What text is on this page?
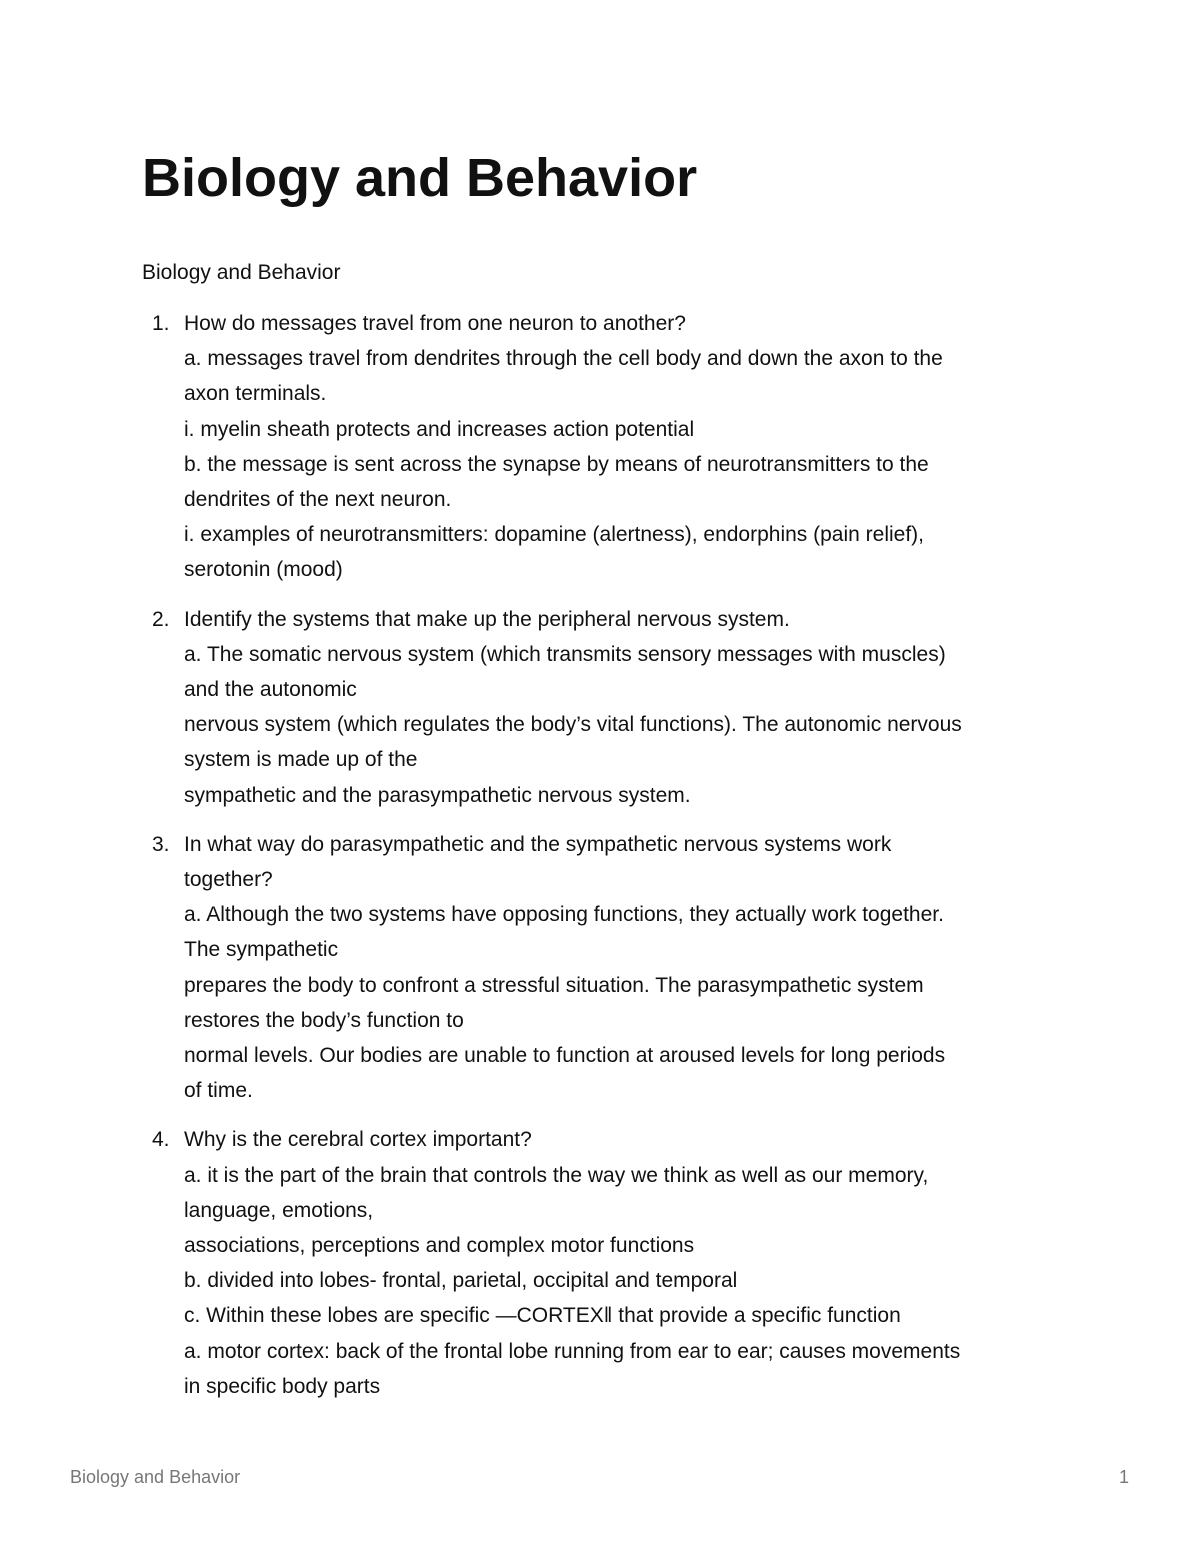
Biology and Behavior

Biology and Behavior

1. How do messages travel from one neuron to another?
a. messages travel from dendrites through the cell body and down the axon to the
axon terminals.
i. myelin sheath protects and increases action potential
b. the message is sent across the synapse by means of neurotransmitters to the
dendrites of the next neuron.
i. examples of neurotransmitters: dopamine (alertness), endorphins (pain relief),
serotonin (mood)
2. Identify the systems that make up the peripheral nervous system.
a. The somatic nervous system (which transmits sensory messages with muscles)
and the autonomic
nervous system (which regulates the body’s vital functions). The autonomic nervous
system is made up of the
sympathetic and the parasympathetic nervous system.
3. In what way do parasympathetic and the sympathetic nervous systems work
together?
a. Although the two systems have opposing functions, they actually work together.
The sympathetic
prepares the body to confront a stressful situation. The parasympathetic system
restores the body’s function to
normal levels. Our bodies are unable to function at aroused levels for long periods
of time.
4. Why is the cerebral cortex important?
a. it is the part of the brain that controls the way we think as well as our memory,
language, emotions,
associations, perceptions and complex motor functions
b. divided into lobes- frontal, parietal, occipital and temporal
c. Within these lobes are specific ―CORTEX‖ that provide a specific function
a. motor cortex: back of the frontal lobe running from ear to ear; causes movements
in specific body parts
Biology and Behavior	1
